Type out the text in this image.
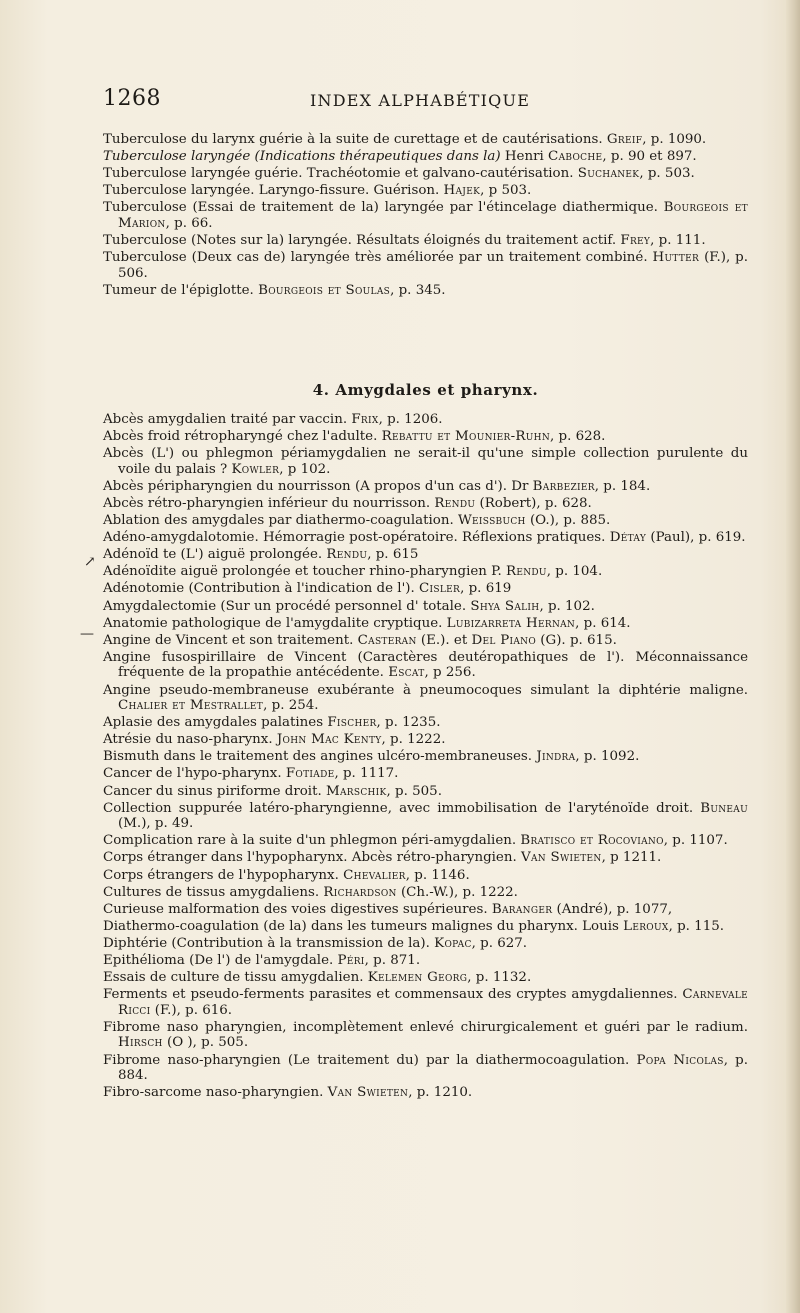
1268	INDEX ALPHABÉTIQUE

Tuberculose du larynx guérie à la suite de curettage et de cautérisations. Greif, p. 1090.

Tuberculose laryngée (Indications thérapeutiques dans la) Henri Caboche, p. 90 et 897.

Tuberculose laryngée guérie. Trachéotomie et galvano-cautérisation. Suchanek, p. 503.

Tuberculose laryngée. Laryngo-fissure. Guérison. Hajek, p 503.

Tuberculose (Essai de traitement de la) laryngée par l'étincelage diathermique. Bourgeois et Marion, p. 66.

Tuberculose (Notes sur la) laryngée. Résultats éloignés du traitement actif. Frey, p. 111.

Tuberculose (Deux cas de) laryngée très améliorée par un traitement combiné. Hutter (F.), p. 506.

Tumeur de l'épiglotte. Bourgeois et Soulas, p. 345.

4. Amygdales et pharynx.

Abcès amygdalien traité par vaccin. Frix, p. 1206.

Abcès froid rétropharyngé chez l'adulte. Rebattu et Mounier-Ruhn, p. 628.

Abcès (L') ou phlegmon périamygdalien ne serait-il qu'une simple collection purulente du voile du palais ? Kowler, p 102.

Abcès péripharyngien du nourrisson (A propos d'un cas d'). Dr Barbezier, p. 184.

Abcès rétro-pharyngien inférieur du nourrisson. Rendu (Robert), p. 628.

Ablation des amygdales par diathermo-coagulation. Weissbuch (O.), p. 885.

Adéno-amygdalotomie. Hémorragie post-opératoire. Réflexions pratiques. Détay (Paul), p. 619.

Adénoïd te (L') aiguë prolongée. Rendu, p. 615

Adénoïdite aiguë prolongée et toucher rhino-pharyngien P. Rendu, p. 104.

Adénotomie (Contribution à l'indication de l'). Cisler, p. 619

Amygdalectomie (Sur un procédé personnel d' totale. Shya Salih, p. 102.

Anatomie pathologique de l'amygdalite cryptique. Lubizarreta Hernan, p. 614.

Angine de Vincent et son traitement. Casteran (E.). et Del Piano (G). p. 615.

Angine fusospirillaire de Vincent (Caractères deutéropathiques de l'). Méconnaissance fréquente de la propathie antécédente. Escat, p 256.

Angine pseudo-membraneuse exubérante à pneumocoques simulant la diphtérie maligne. Chalier et Mestrallet, p. 254.

Aplasie des amygdales palatines Fischer, p. 1235.

Atrésie du naso-pharynx. John Mac Kenty, p. 1222.

Bismuth dans le traitement des angines ulcéro-membraneuses. Jindra, p. 1092.

Cancer de l'hypo-pharynx. Fotiade, p. 1117.

Cancer du sinus piriforme droit. Marschik, p. 505.

Collection suppurée latéro-pharyngienne, avec immobilisation de l'aryténoïde droit. Buneau (M.), p. 49.

Complication rare à la suite d'un phlegmon péri-amygdalien. Bratisco et Rocoviano, p. 1107.

Corps étranger dans l'hypopharynx. Abcès rétro-pharyngien. Van Swieten, p 1211.

Corps étrangers de l'hypopharynx. Chevalier, p. 1146.

Cultures de tissus amygdaliens. Richardson (Ch.-W.), p. 1222.

Curieuse malformation des voies digestives supérieures. Baranger (André), p. 1077,

Diathermo-coagulation (de la) dans les tumeurs malignes du pharynx. Louis Leroux, p. 115.

Diphtérie (Contribution à la transmission de la). Kopac, p. 627.

Epithélioma (De l') de l'amygdale. Péri, p. 871.

Essais de culture de tissu amygdalien. Kelemen Georg, p. 1132.

Ferments et pseudo-ferments parasites et commensaux des cryptes amygdaliennes. Carnevale Ricci (F.), p. 616.

Fibrome naso pharyngien, incomplètement enlevé chirurgicalement et guéri par le radium. Hirsch (O ), p. 505.

Fibrome naso-pharyngien (Le traitement du) par la diathermocoagulation. Popa Nicolas, p. 884.

Fibro-sarcome naso-pharyngien. Van Swieten, p. 1210.

↗
—
